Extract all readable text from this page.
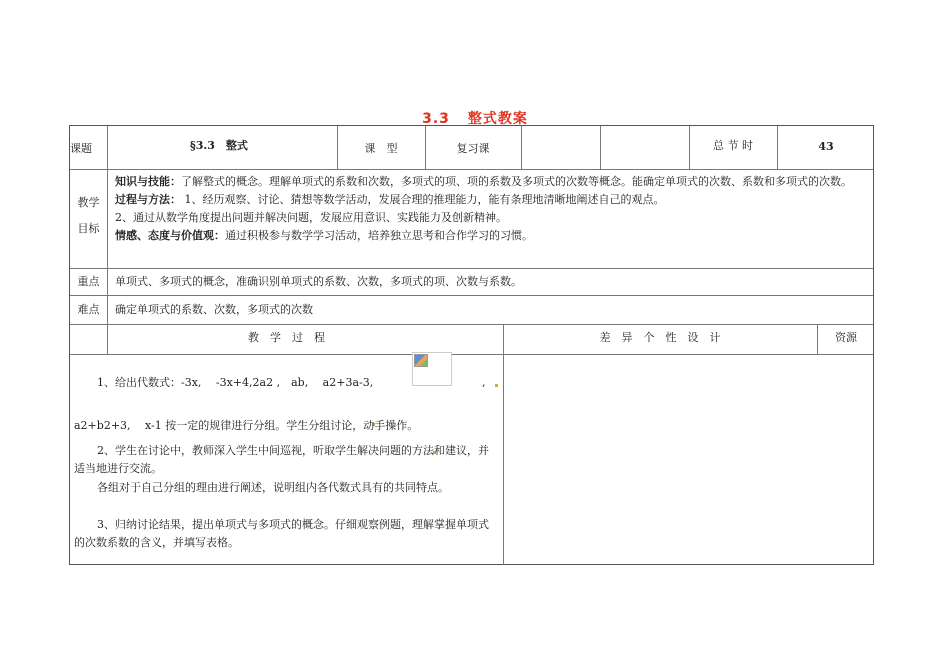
3.3 整式教案
课题	§3.3　整式	课　型	复习课	总 节 时	43
教学
目标
知识与技能：了解整式的概念。理解单项式的系数和次数，多项式的项、项的系数及多项式的次数等概念。能确定单项式的次数、系数和多项式的次数。
过程与方法： 1、经历观察、讨论、猜想等数学活动，发展合理的推理能力，能有条理地清晰地阐述自己的观点。
2、通过从数学角度提出问题并解决问题，发展应用意识、实践能力及创新精神。
情感、态度与价值观：通过积极参与数学学习活动，培养独立思考和合作学习的习惯。
重点	单项式、多项式的概念，准确识别单项式的系数、次数，多项式的项、次数与系数。
难点	确定单项式的系数、次数，多项式的次数
教　学　过　程	差　异　个　性　设　计	资源
1、给出代数式：-3x,　 -3x+4,2a2 ,　ab,　 a2+3a-3,	,
a2+b2+3,　 x-1 按一定的规律进行分组。学生分组讨论，动手操作。
2、学生在讨论中，教师深入学生中间巡视，听取学生解决问题的方法和建议，并适当地进行交流。
各组对于自己分组的理由进行阐述，说明组内各代数式具有的共同特点。
3、归纳讨论结果，提出单项式与多项式的概念。仔细观察例题，理解掌握单项式的次数系数的含义，并填写表格。
